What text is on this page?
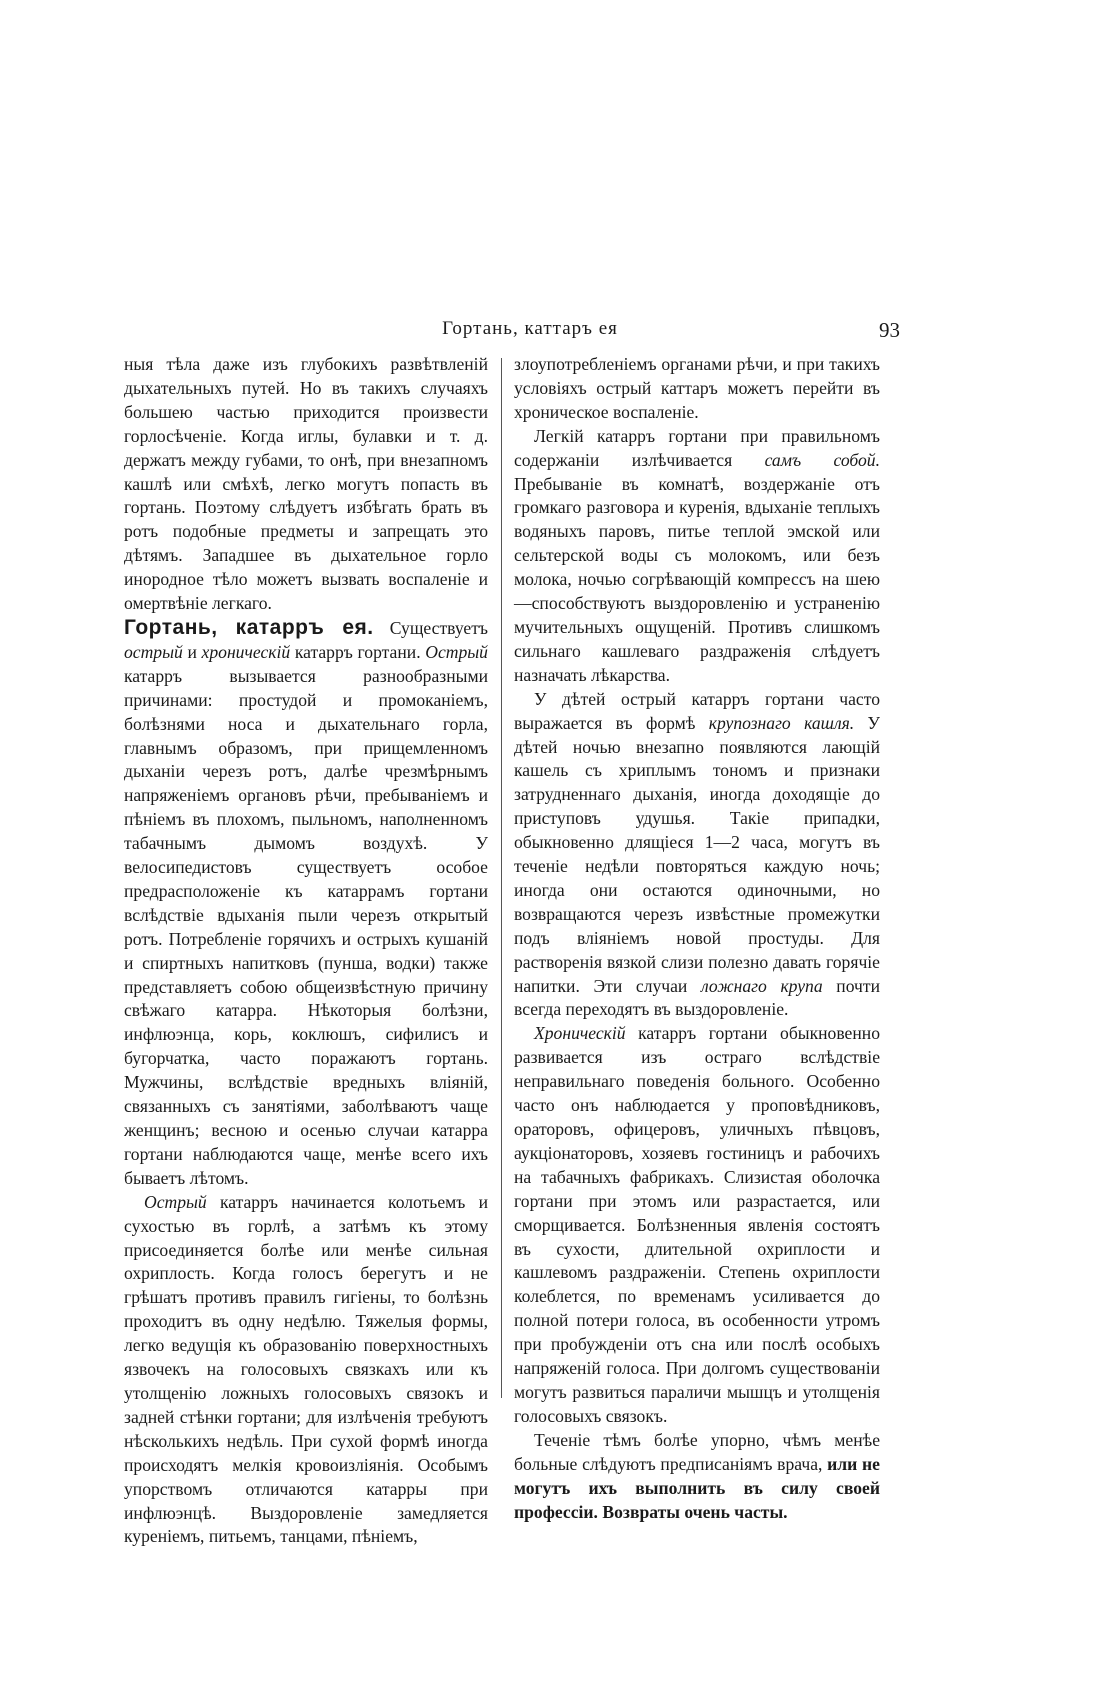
Гортань, каттаръ ея	93

ныя тѣла даже изъ глубокихъ развѣтвленій дыхательныхъ путей. Но въ такихъ случаяхъ большею частью приходится произвести горлосѣченіе. Когда иглы, булавки и т. д. держатъ между губами, то онѣ, при внезапномъ кашлѣ или смѣхѣ, легко могутъ попасть въ гортань. Поэтому слѣдуетъ избѣгать брать въ ротъ подобные предметы и запрещать это дѣтямъ. Западшее въ дыхательное горло инородное тѣло можетъ вызвать воспаленіе и омертвѣніе легкаго.

Гортань, катарръ ея. Существуетъ острый и хроническій катарръ гортани. Острый катарръ вызывается разнообразными причинами: простудой и промоканіемъ, болѣзнями носа и дыхательнаго горла, главнымъ образомъ, при прищемленномъ дыханіи черезъ ротъ, далѣе чрезмѣрнымъ напряженіемъ органовъ рѣчи, пребываніемъ и пѣніемъ въ плохомъ, пыльномъ, наполненномъ табачнымъ дымомъ воздухѣ. У велосипедистовъ существуетъ особое предрасположеніе къ катаррамъ гортани вслѣдствіе вдыханія пыли черезъ открытый ротъ. Потребленіе горячихъ и острыхъ кушаній и спиртныхъ напитковъ (пунша, водки) также представляетъ собою общеизвѣстную причину свѣжаго катарра. Нѣкоторыя болѣзни, инфлюэнца, корь, коклюшъ, сифилисъ и бугорчатка, часто поражаютъ гортань. Мужчины, вслѣдствіе вредныхъ вліяній, связанныхъ съ занятіями, заболѣваютъ чаще женщинъ; весною и осенью случаи катарра гортани наблюдаются чаще, менѣе всего ихъ бываетъ лѣтомъ.

Острый катарръ начинается колотьемъ и сухостью въ горлѣ, а затѣмъ къ этому присоединяется болѣе или менѣе сильная охриплость. Когда голосъ берегутъ и не грѣшатъ противъ правилъ гигіены, то болѣзнь проходитъ въ одну недѣлю. Тяжелыя формы, легко ведущія къ образованію поверхностныхъ язвочекъ на голосовыхъ связкахъ или къ утолщенію ложныхъ голосовыхъ связокъ и задней стѣнки гортани; для излѣченія требуютъ нѣсколькихъ недѣль. При сухой формѣ иногда происходятъ мелкія кровоизліянія. Особымъ упорствомъ отличаются катарры при инфлюэнцѣ. Выздоровленіе замедляется куреніемъ, питьемъ, танцами, пѣніемъ,

злоупотребленіемъ органами рѣчи, и при такихъ условіяхъ острый каттаръ можетъ перейти въ хроническое воспаленіе.

Легкій катарръ гортани при правильномъ содержаніи излѣчивается самъ собой. Пребываніе въ комнатѣ, воздержаніе отъ громкаго разговора и куренія, вдыханіе теплыхъ водяныхъ паровъ, питье теплой эмской или сельтерской воды съ молокомъ, или безъ молока, ночью согрѣвающій компрессъ на шею—способствуютъ выздоровленію и устраненію мучительныхъ ощущеній. Противъ слишкомъ сильнаго кашлеваго раздраженія слѣдуетъ назначать лѣкарства.

У дѣтей острый катарръ гортани часто выражается въ формѣ крупознаго кашля. У дѣтей ночью внезапно появляются лающій кашель съ хриплымъ тономъ и признаки затрудненнаго дыханія, иногда доходящіе до приступовъ удушья. Такіе припадки, обыкновенно длящіеся 1—2 часа, могутъ въ теченіе недѣли повторяться каждую ночь; иногда они остаются одиночными, но возвращаются черезъ извѣстные промежутки подъ вліяніемъ новой простуды. Для растворенія вязкой слизи полезно давать горячіе напитки. Эти случаи ложнаго крупа почти всегда переходятъ въ выздоровленіе.

Хроническій катарръ гортани обыкновенно развивается изъ остраго вслѣдствіе неправильнаго поведенія больного. Особенно часто онъ наблюдается у проповѣдниковъ, ораторовъ, офицеровъ, уличныхъ пѣвцовъ, аукціонаторовъ, хозяевъ гостиницъ и рабочихъ на табачныхъ фабрикахъ. Слизистая оболочка гортани при этомъ или разрастается, или сморщивается. Болѣзненныя явленія состоятъ въ сухости, длительной охриплости и кашлевомъ раздраженіи. Степень охриплости колеблется, по временамъ усиливается до полной потери голоса, въ особенности утромъ при пробужденіи отъ сна или послѣ особыхъ напряженій голоса. При долгомъ существованіи могутъ развиться параличи мышцъ и утолщенія голосовыхъ связокъ.

Теченіе тѣмъ болѣе упорно, чѣмъ менѣе больные слѣдуютъ предписаніямъ врача, или не могутъ ихъ выполнить въ силу своей профессіи. Возвраты очень часты.
